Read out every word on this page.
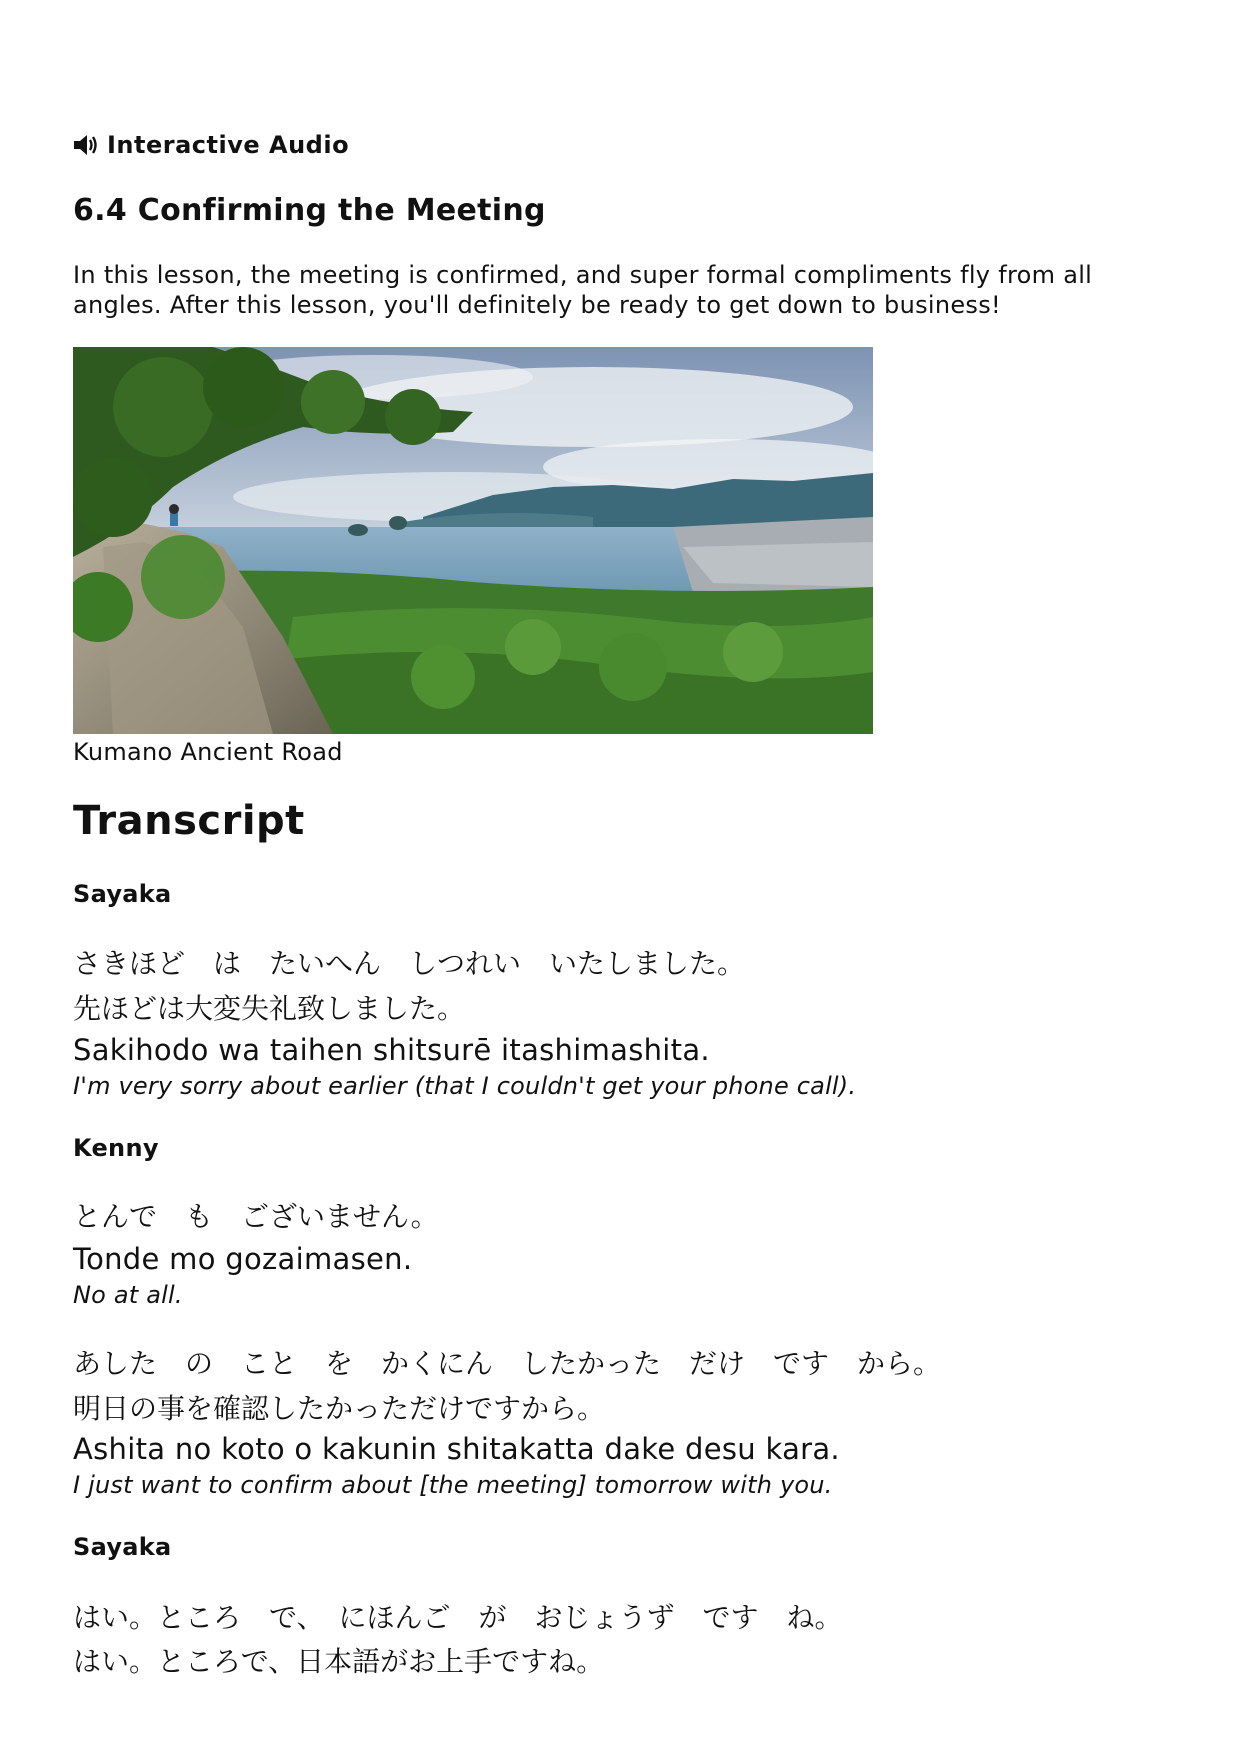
Interactive Audio
6.4 Confirming the Meeting

In this lesson, the meeting is confirmed, and super formal compliments fly from all angles. After this lesson, you'll definitely be ready to get down to business!

Kumano Ancient Road
Transcript
Sayaka
さきほど　は　たいへん　しつれい　いたしました。
先ほどは大変失礼致しました。
Sakihodo wa taihen shitsurē itashimashita.
I'm very sorry about earlier (that I couldn't get your phone call).
Kenny
とんで　も　ございません。
Tonde mo gozaimasen.
No at all.
あした　の　こと　を　かくにん　したかった　だけ　です　から。
明日の事を確認したかっただけですから。
Ashita no koto o kakunin shitakatta dake desu kara.
I just want to confirm about [the meeting] tomorrow with you.
Sayaka
はい。ところ　で、　にほんご　が　おじょうず　です　ね。
はい。ところで、日本語がお上手ですね。
